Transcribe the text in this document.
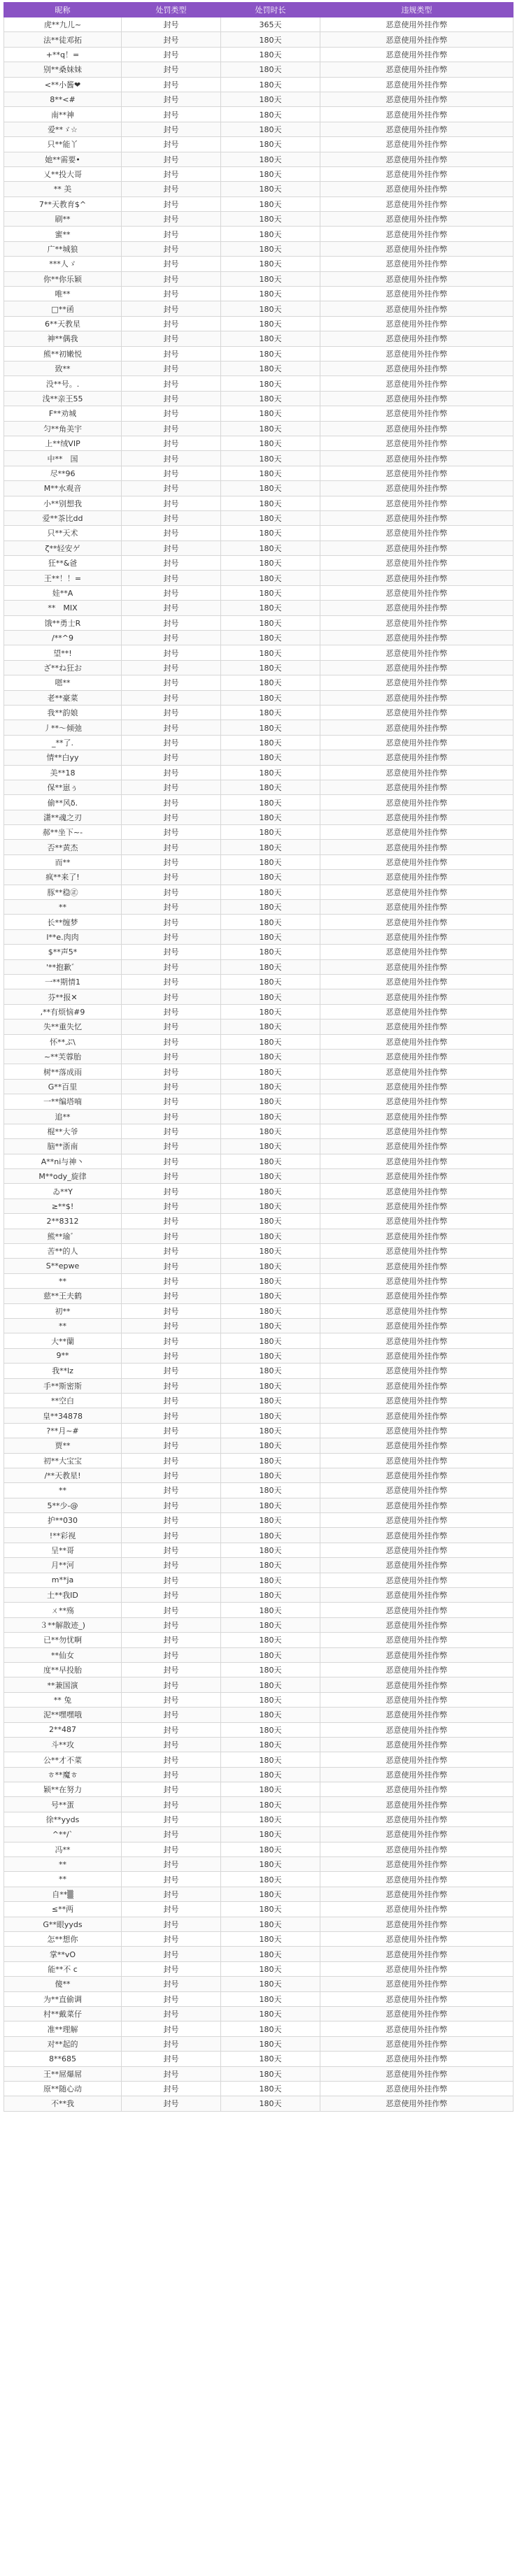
昵称	处罚类型	处罚时长	违规类型
虎**九儿~	封号	365天	恶意使用外挂作弊
法**徒邓拓	封号	180天	恶意使用外挂作弊
+**q！=	封号	180天	恶意使用外挂作弊
别**桑妹妹	封号	180天	恶意使用外挂作弊
<**小酱❤	封号	180天	恶意使用外挂作弊
8**<#	封号	180天	恶意使用外挂作弊
南**神	封号	180天	恶意使用外挂作弊
爱**ゞ☆	封号	180天	恶意使用外挂作弊
只**能丫	封号	180天	恶意使用外挂作弊
她**需要•	封号	180天	恶意使用外挂作弊
乂**投大哥	封号	180天	恶意使用外挂作弊
** 美	封号	180天	恶意使用外挂作弊
7**天教育$^	封号	180天	恶意使用外挂作弊
刷**	封号	180天	恶意使用外挂作弊
蜜**	封号	180天	恶意使用外挂作弊
广**城狼	封号	180天	恶意使用外挂作弊
***人ゞ	封号	180天	恶意使用外挂作弊
你**你乐颖	封号	180天	恶意使用外挂作弊
唯**	封号	180天	恶意使用外挂作弊
□**函	封号	180天	恶意使用外挂作弊
6**天教星	封号	180天	恶意使用外挂作弊
神**偶我	封号	180天	恶意使用外挂作弊
熊**初嫩悦	封号	180天	恶意使用外挂作弊
致**	封号	180天	恶意使用外挂作弊
没**号。.	封号	180天	恶意使用外挂作弊
浅**亲王55	封号	180天	恶意使用外挂作弊
F**劝城	封号	180天	恶意使用外挂作弊
匀**角美宇	封号	180天	恶意使用外挂作弊
上**绒VIP	封号	180天	恶意使用外挂作弊
中**　国	封号	180天	恶意使用外挂作弊
尽**96	封号	180天	恶意使用外挂作弊
M**水观音	封号	180天	恶意使用外挂作弊
小**别想我	封号	180天	恶意使用外挂作弊
爱**茶比dd	封号	180天	恶意使用外挂作弊
只**天术	封号	180天	恶意使用外挂作弊
ζ**轻安ゲ	封号	180天	恶意使用外挂作弊
狂**&爸	封号	180天	恶意使用外挂作弊
王**！！=	封号	180天	恶意使用外挂作弊
娃**A	封号	180天	恶意使用外挂作弊
**　MIX	封号	180天	恶意使用外挂作弊
饿**勇士R	封号	180天	恶意使用外挂作弊
/**^9	封号	180天	恶意使用外挂作弊
望**!	封号	180天	恶意使用外挂作弊
ざ**ね狂お	封号	180天	恶意使用外挂作弊
嗯**	封号	180天	恶意使用外挂作弊
老**豪菜	封号	180天	恶意使用外挂作弊
我**韵娘	封号	180天	恶意使用外挂作弊
丿**～倾弛	封号	180天	恶意使用外挂作弊
_**了.	封号	180天	恶意使用外挂作弊
情**白yy	封号	180天	恶意使用外挂作弊
美**18	封号	180天	恶意使用外挂作弊
保**崽ぅ	封号	180天	恶意使用外挂作弊
偷**风δ.	封号	180天	恶意使用外挂作弊
潇**魂之刃	封号	180天	恶意使用外挂作弊
郝**坐下~-	封号	180天	恶意使用外挂作弊
否**黄杰	封号	180天	恶意使用外挂作弊
而**	封号	180天	恶意使用外挂作弊
疯**来了!	封号	180天	恶意使用外挂作弊
豚**稳㊣	封号	180天	恶意使用外挂作弊
**	封号	180天	恶意使用外挂作弊
长**缠梦	封号	180天	恶意使用外挂作弊
l**e.肉肉	封号	180天	恶意使用外挂作弊
$**声5*	封号	180天	恶意使用外挂作弊
'**抱歉゛	封号	180天	恶意使用外挂作弊
一**期情1	封号	180天	恶意使用外挂作弊
芬**报✕	封号	180天	恶意使用外挂作弊
,**有烦恼#9	封号	180天	恶意使用外挂作弊
失**重失忆	封号	180天	恶意使用外挂作弊
怀**ぷ\	封号	180天	恶意使用外挂作弊
~**芙蓉胎	封号	180天	恶意使用外挂作弊
树**落成雨	封号	180天	恶意使用外挂作弊
G**百里	封号	180天	恶意使用外挂作弊
一**编塔喃	封号	180天	恶意使用外挂作弊
追**	封号	180天	恶意使用外挂作弊
棍**大爷	封号	180天	恶意使用外挂作弊
脑**浙南	封号	180天	恶意使用外挂作弊
A**ni与神丶	封号	180天	恶意使用外挂作弊
M**ody_旋律	封号	180天	恶意使用外挂作弊
ゐ**Y	封号	180天	恶意使用外挂作弊
≥**$!	封号	180天	恶意使用外挂作弊
2**8312	封号	180天	恶意使用外挂作弊
熊**瑜゛	封号	180天	恶意使用外挂作弊
苦**的人	封号	180天	恶意使用外挂作弊
S**epwe	封号	180天	恶意使用外挂作弊
**	封号	180天	恶意使用外挂作弊
慈**王夫鹤	封号	180天	恶意使用外挂作弊
初**	封号	180天	恶意使用外挂作弊
**	封号	180天	恶意使用外挂作弊
大**蘭	封号	180天	恶意使用外挂作弊
9**	封号	180天	恶意使用外挂作弊
我**lz	封号	180天	恶意使用外挂作弊
手**斯密斯	封号	180天	恶意使用外挂作弊
**空白	封号	180天	恶意使用外挂作弊
皇**34878	封号	180天	恶意使用外挂作弊
?**月~#	封号	180天	恶意使用外挂作弊
贾**	封号	180天	恶意使用外挂作弊
初**大宝宝	封号	180天	恶意使用外挂作弊
/**天教星!	封号	180天	恶意使用外挂作弊
**	封号	180天	恶意使用外挂作弊
5**少-@	封号	180天	恶意使用外挂作弊
护**030	封号	180天	恶意使用外挂作弊
!**彩视	封号	180天	恶意使用外挂作弊
呈**哥	封号	180天	恶意使用外挂作弊
月**河	封号	180天	恶意使用外挂作弊
m**ja	封号	180天	恶意使用外挂作弊
土**我ID	封号	180天	恶意使用外挂作弊
ㄨ**殇	封号	180天	恶意使用外挂作弊
３**解散迹_)	封号	180天	恶意使用外挂作弊
已**勿忧啊	封号	180天	恶意使用外挂作弊
**仙女	封号	180天	恶意使用外挂作弊
度**早投胎	封号	180天	恶意使用外挂作弊
**兼国演	封号	180天	恶意使用外挂作弊
** 兔	封号	180天	恶意使用外挂作弊
泥**嘿嘿哦	封号	180天	恶意使用外挂作弊
2**487	封号	180天	恶意使用外挂作弊
斗**攻	封号	180天	恶意使用外挂作弊
公**才不菜	封号	180天	恶意使用外挂作弊
ㅎ**魔ㅎ	封号	180天	恶意使用外挂作弊
颖**在努力	封号	180天	恶意使用外挂作弊
号**蛋	封号	180天	恶意使用外挂作弊
徐**yyds	封号	180天	恶意使用外挂作弊
^**/`	封号	180天	恶意使用外挂作弊
冯**	封号	180天	恶意使用外挂作弊
**	封号	180天	恶意使用外挂作弊
**	封号	180天	恶意使用外挂作弊
自**▒	封号	180天	恶意使用外挂作弊
≤**两	封号	180天	恶意使用外挂作弊
G**眼yyds	封号	180天	恶意使用外挂作弊
怎**想你	封号	180天	恶意使用外挂作弊
掌**vO	封号	180天	恶意使用外挂作弊
能**不 c	封号	180天	恶意使用外挂作弊
傻**	封号	180天	恶意使用外挂作弊
为**直偷调	封号	180天	恶意使用外挂作弊
村**戴菜仔	封号	180天	恶意使用外挂作弊
准**理解	封号	180天	恶意使用外挂作弊
对**起的	封号	180天	恶意使用外挂作弊
8**685	封号	180天	恶意使用外挂作弊
王**屌爆屌	封号	180天	恶意使用外挂作弊
原**随心动	封号	180天	恶意使用外挂作弊
不**我	封号	180天	恶意使用外挂作弊
